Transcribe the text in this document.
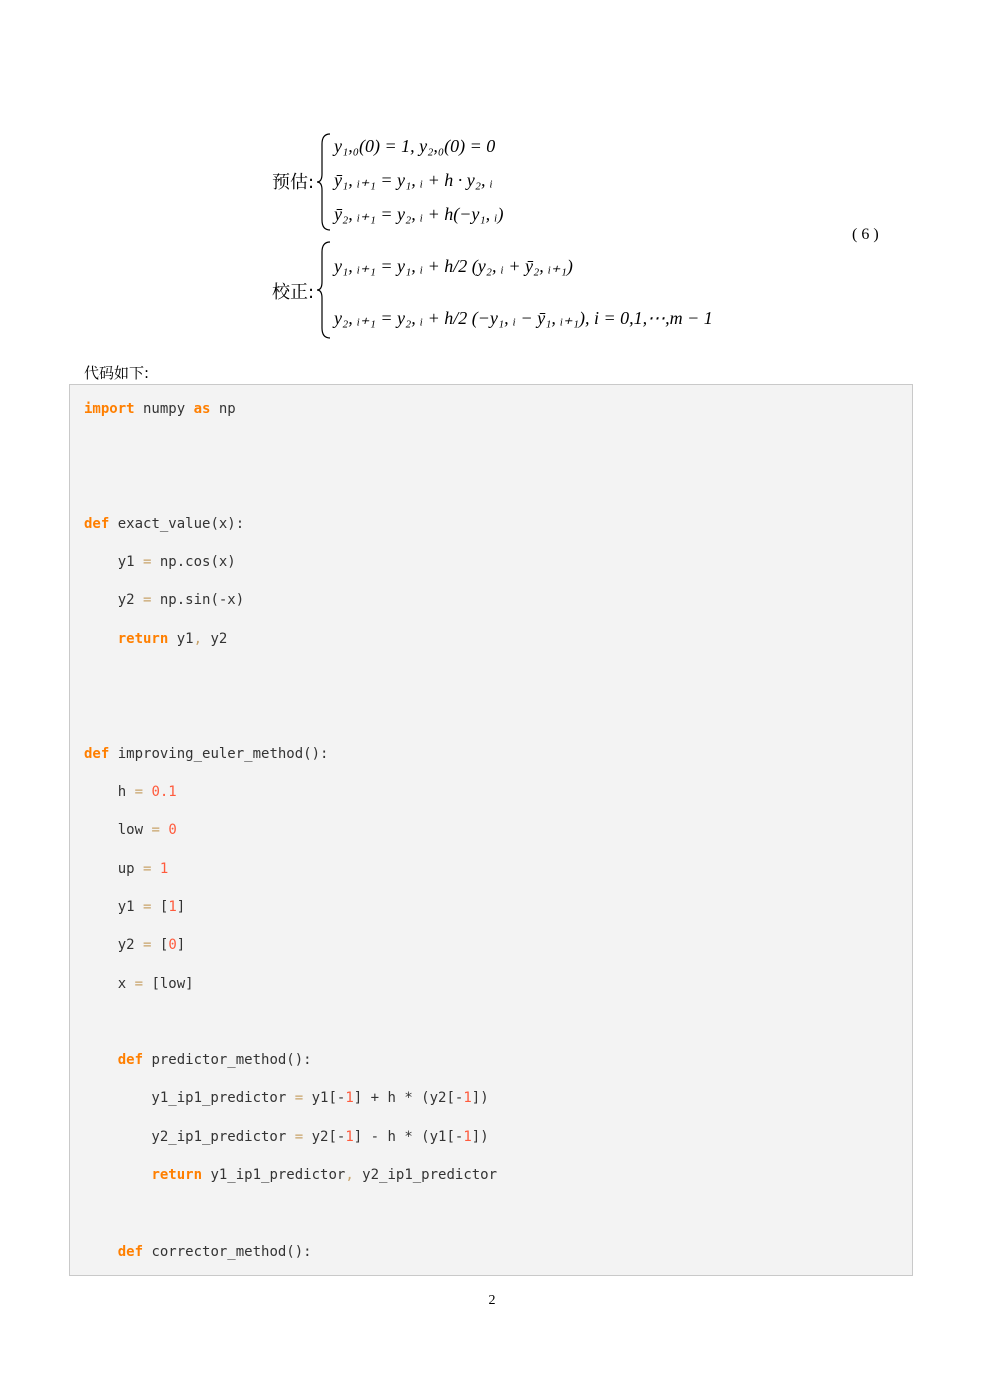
预估:
y₁,₀(0) = 1, y₂,₀(0) = 0
ȳ₁, ᵢ₊₁ = y₁, ᵢ + h · y₂, ᵢ
ȳ₂, ᵢ₊₁ = y₂, ᵢ + h(−y₁, ᵢ)
校正:
y₁, ᵢ₊₁ = y₁, ᵢ + h/2 (y₂, ᵢ + ȳ₂, ᵢ₊₁)
y₂, ᵢ₊₁ = y₂, ᵢ + h/2 (−y₁, ᵢ − ȳ₁, ᵢ₊₁), i = 0,1,⋯,m − 1
( 6 )
代码如下:
import numpy as np
def exact_value(x):
y1 = np.cos(x)
y2 = np.sin(-x)
return y1, y2
def improving_euler_method():
h = 0.1
low = 0
up = 1
y1 = [1]
y2 = [0]
x = [low]
def predictor_method():
y1_ip1_predictor = y1[-1] + h * (y2[-1])
y2_ip1_predictor = y2[-1] - h * (y1[-1])
return y1_ip1_predictor, y2_ip1_predictor
def corrector_method():
2
